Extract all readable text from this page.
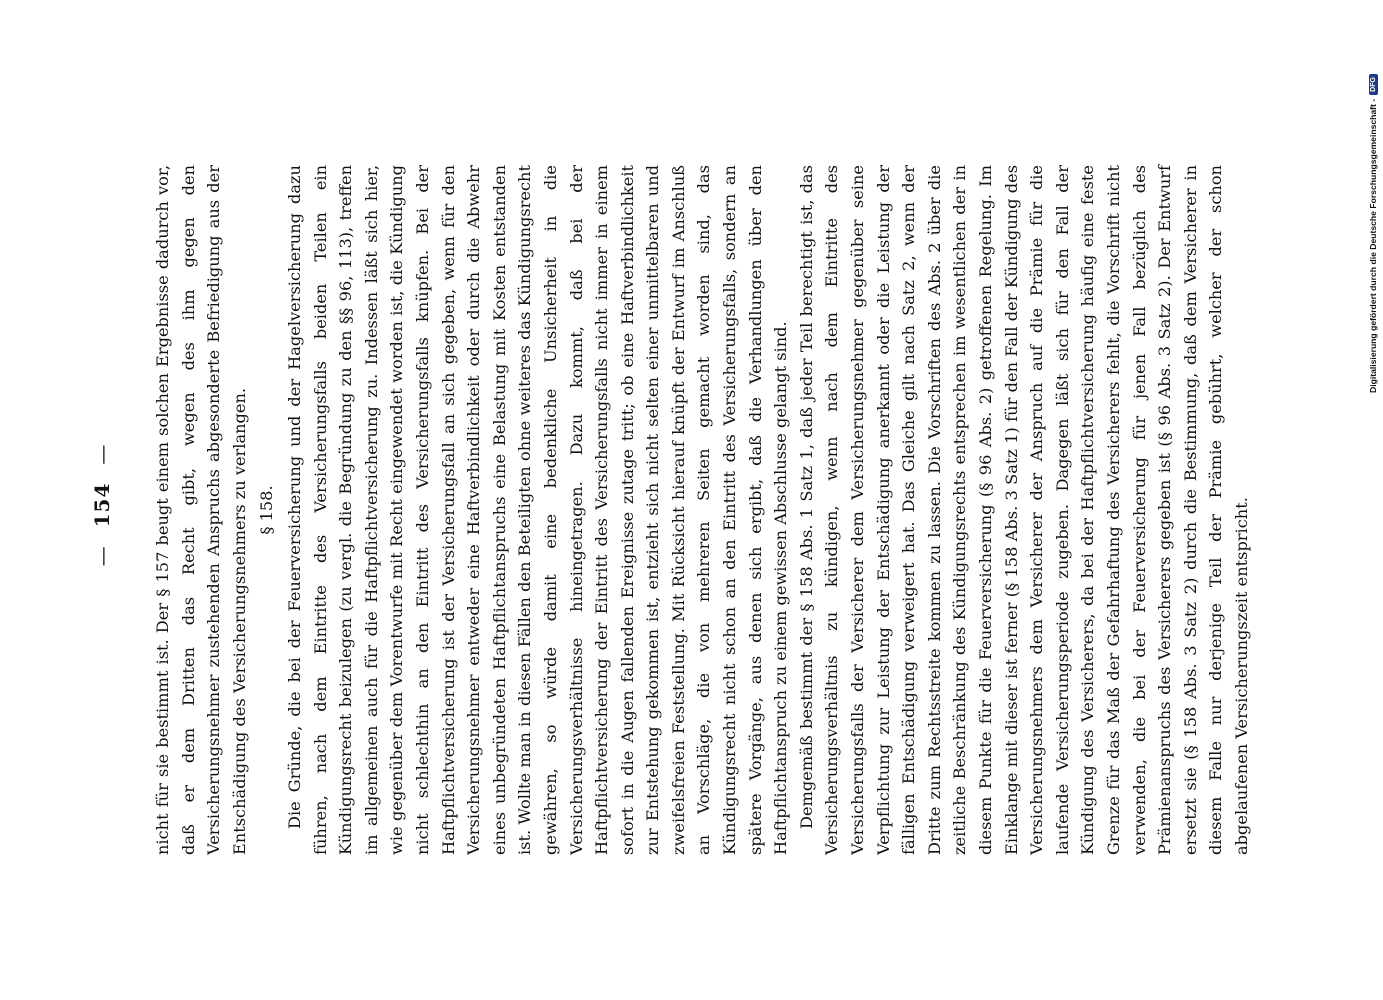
— 154 — nicht für sie bestimmt ist. Der § 157 beugt einem solchen Ergebnisse dadurch vor, daß er dem Dritten das Recht gibt, wegen des ihm gegen den Versicherungsnehmer zustehenden Anspruchs abgesonderte Befriedigung aus der Entschädigung des Versicherungsnehmers zu verlangen. § 158. Die Gründe, die bei der Feuerversicherung und der Hagelversicherung dazu führen, nach dem Eintritte des Versicherungsfalls beiden Teilen ein Kündigungsrecht beizulegen (zu vergl. die Begründung zu den §§ 96, 113), treffen im allgemeinen auch für die Haftpflichtversicherung zu. Indessen läßt sich hier, wie gegenüber dem Vorentwurfe mit Recht eingewendet worden ist, die Kündigung nicht schlechthin an den Eintritt des Versicherungsfalls knüpfen. Bei der Haftpflichtversicherung ist der Versicherungsfall an sich gegeben, wenn für den Versicherungsnehmer entweder eine Haftverbindlichkeit oder durch die Abwehr eines unbegründeten Haftpflichtanspruchs eine Belastung mit Kosten entstanden ist. Wollte man in diesen Fällen den Beteiligten ohne weiteres das Kündigungsrecht gewähren, so würde damit eine bedenkliche Unsicherheit in die Versicherungsverhältnisse hineingetragen. Dazu kommt, daß bei der Haftpflichtversicherung der Eintritt des Versicherungsfalls nicht immer in einem sofort in die Augen fallenden Ereignisse zutage tritt; ob eine Haftverbindlichkeit zur Entstehung gekommen ist, entzieht sich nicht selten einer unmittelbaren und zweifelsfreien Feststellung. Mit Rücksicht hierauf knüpft der Entwurf im Anschluß an Vorschläge, die von mehreren Seiten gemacht worden sind, das Kündigungsrecht nicht schon an den Eintritt des Versicherungsfalls, sondern an spätere Vorgänge, aus denen sich ergibt, daß die Verhandlungen über den Haftpflichtanspruch zu einem gewissen Abschlusse gelangt sind. Demgemäß bestimmt der § 158 Abs. 1 Satz 1, daß jeder Teil berechtigt ist, das Versicherungsverhältnis zu kündigen, wenn nach dem Eintritte des Versicherungsfalls der Versicherer dem Versicherungsnehmer gegenüber seine Verpflichtung zur Leistung der Entschädigung anerkannt oder die Leistung der fälligen Entschädigung verweigert hat. Das Gleiche gilt nach Satz 2, wenn der Dritte zum Rechtsstreite kommen zu lassen. Die Vorschriften des Abs. 2 über die zeitliche Beschränkung des Kündigungsrechts entsprechen im wesentlichen der in diesem Punkte für die Feuerversicherung (§ 96 Abs. 2) getroffenen Regelung. Im Einklange mit dieser ist ferner (§ 158 Abs. 3 Satz 1) für den Fall der Kündigung des Versicherungsnehmers dem Versicherer der Anspruch auf die Prämie für die laufende Versicherungsperiode zugeben. Dagegen läßt sich für den Fall der Kündigung des Versicherers, da bei der Haftpflichtversicherung häufig eine feste Grenze für das Maß der Gefahrhaftung des Versicherers fehlt, die Vorschrift nicht verwenden, die bei der Feuerversicherung für jenen Fall bezüglich des Prämienanspruchs des Versicherers gegeben ist (§ 96 Abs. 3 Satz 2). Der Entwurf ersetzt sie (§ 158 Abs. 3 Satz 2) durch die Bestimmung, daß dem Versicherer in diesem Falle nur derjenige Teil der Prämie gebührt, welcher der schon abgelaufenen Versicherungszeit entspricht.

Digitalisierung gefördert durch die Deutsche Forschungsgemeinschaft -
DFG
